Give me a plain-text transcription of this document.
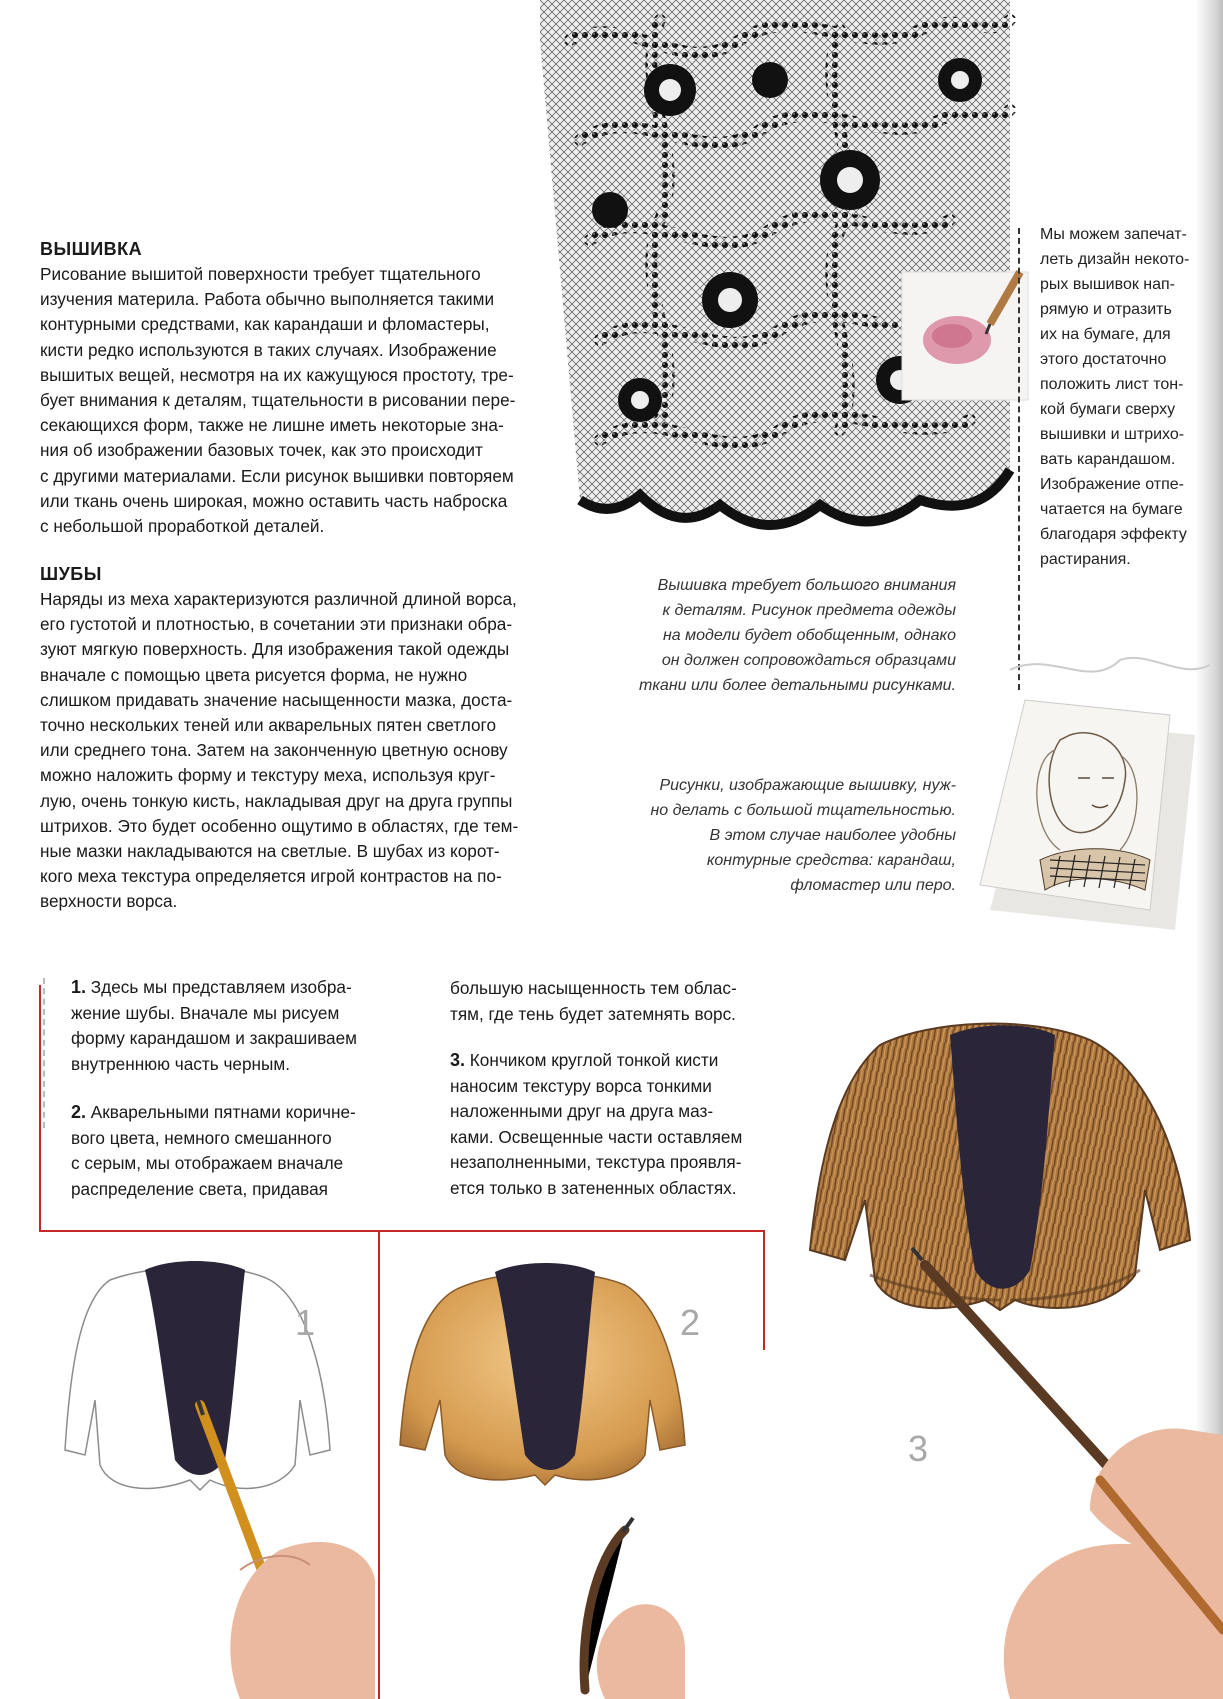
ВЫШИВКА

Рисование вышитой поверхности требует тщательного
изучения материла. Работа обычно выполняется такими
контурными средствами, как карандаши и фломастеры,
кисти редко используются в таких случаях. Изображение
вышитых вещей, несмотря на их кажущуюся простоту, тре-
бует внимания к деталям, тщательности в рисовании пере-
секающихся форм, также не лишне иметь некоторые зна-
ния об изображении базовых точек, как это происходит
с другими материалами. Если рисунок вышивки повторяем
или ткань очень широкая, можно оставить часть наброска
с небольшой проработкой деталей.

ШУБЫ

Наряды из меха характеризуются различной длиной ворса,
его густотой и плотностью, в сочетании эти признаки обра-
зуют мягкую поверхность. Для изображения такой одежды
вначале с помощью цвета рисуется форма, не нужно
слишком придавать значение насыщенности мазка, доста-
точно нескольких теней или акварельных пятен светлого
или среднего тона. Затем на законченную цветную основу
можно наложить форму и текстуру меха, используя круг-
лую, очень тонкую кисть, накладывая друг на друга группы
штрихов. Это будет особенно ощутимо в областях, где тем-
ные мазки накладываются на светлые. В шубах из корот-
кого меха текстура определяется игрой контрастов на по-
верхности ворса.

Мы можем запечат-
леть дизайн некото-
рых вышивок нап-
рямую и отразить
их на бумаге, для
этого достаточно
положить лист тон-
кой бумаги сверху
вышивки и штрихо-
вать карандашом.
Изображение отпе-
чатается на бумаге
благодаря эффекту
растирания.

Вышивка требует большого внимания
к деталям. Рисунок предмета одежды
на модели будет обобщенным, однако
он должен сопровождаться образцами
ткани или более детальными рисунками.

Рисунки, изображающие вышивку, нуж-
но делать с большой тщательностью.
В этом случае наиболее удобны
контурные средства: карандаш,
фломастер или перо.

1. Здесь мы представляем изобра-
жение шубы. Вначале мы рисуем
форму карандашом и закрашиваем
внутреннюю часть черным.

2. Акварельными пятнами коричне-
вого цвета, немного смешанного
с серым, мы отображаем вначале
распределение света, придавая

большую насыщенность тем облас-
тям, где тень будет затемнять ворс.

3. Кончиком круглой тонкой кисти
наносим текстуру ворса тонкими
наложенными друг на друга маз-
ками. Освещенные части оставляем
незаполненными, текстура проявля-
ется только в затененных областях.

1	2
3
